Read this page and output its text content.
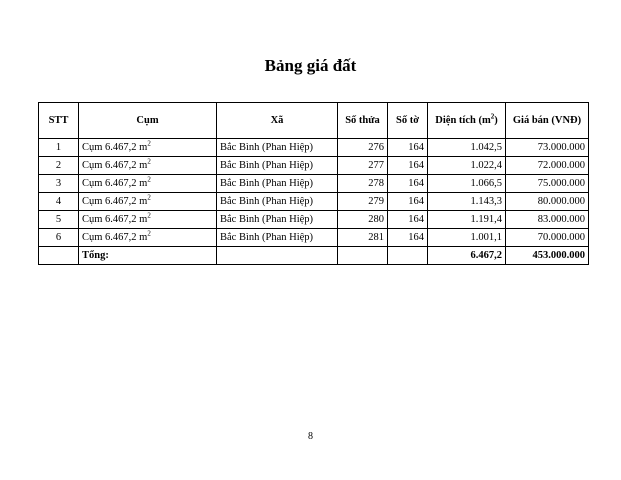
Bảng giá đất
STT	Cụm	Xã	Số thửa	Số tờ	Diện tích $(m^2)$	Giá bán (VNĐ)
1	Cụm 6.467,2 $m^2$	Bắc Bình (Phan Hiệp)	276	164	1.042,5	73.000.000
2	Cụm 6.467,2 $m^2$	Bắc Bình (Phan Hiệp)	277	164	1.022,4	72.000.000
3	Cụm 6.467,2 $m^2$	Bắc Bình (Phan Hiệp)	278	164	1.066,5	75.000.000
4	Cụm 6.467,2 $m^2$	Bắc Bình (Phan Hiệp)	279	164	1.143,3	80.000.000
5	Cụm 6.467,2 $m^2$	Bắc Bình (Phan Hiệp)	280	164	1.191,4	83.000.000
6	Cụm 6.467,2 $m^2$	Bắc Bình (Phan Hiệp)	281	164	1.001,1	70.000.000
	Tổng:				6.467,2	453.000.000
8
